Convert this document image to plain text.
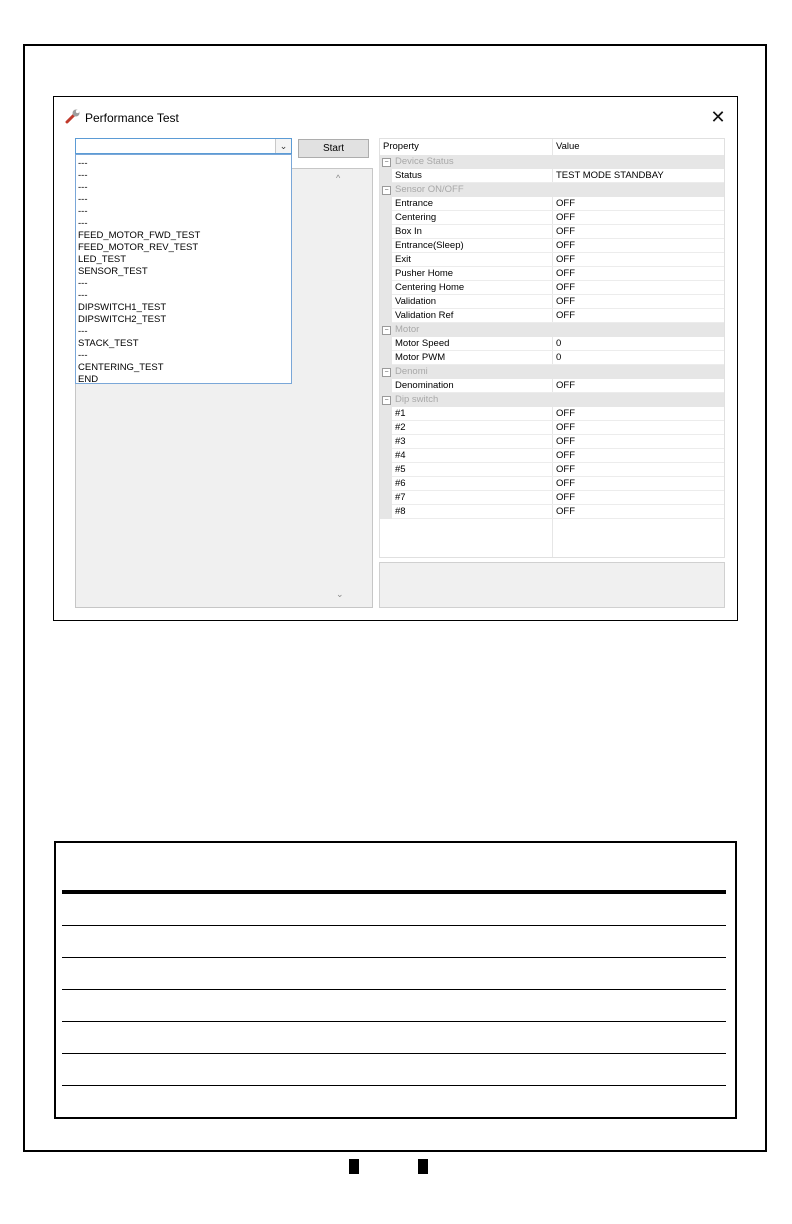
Performance Test	✕
^
⌄
⌄	Start
---
---
---
---
---
---
FEED_MOTOR_FWD_TEST
FEED_MOTOR_REV_TEST
LED_TEST
SENSOR_TEST
---
---
DIPSWITCH1_TEST
DIPSWITCH2_TEST
---
STACK_TEST
---
CENTERING_TEST
END
Property	Value
− Device Status
Status	TEST MODE STANDBAY
− Sensor ON/OFF
Entrance	OFF
Centering	OFF
Box In	OFF
Entrance(Sleep)	OFF
Exit	OFF
Pusher Home	OFF
Centering Home	OFF
Validation	OFF
Validation Ref	OFF
− Motor
Motor Speed	0
Motor PWM	0
− Denomi
Denomination	OFF
− Dip switch
#1	OFF
#2	OFF
#3	OFF
#4	OFF
#5	OFF
#6	OFF
#7	OFF
#8	OFF
